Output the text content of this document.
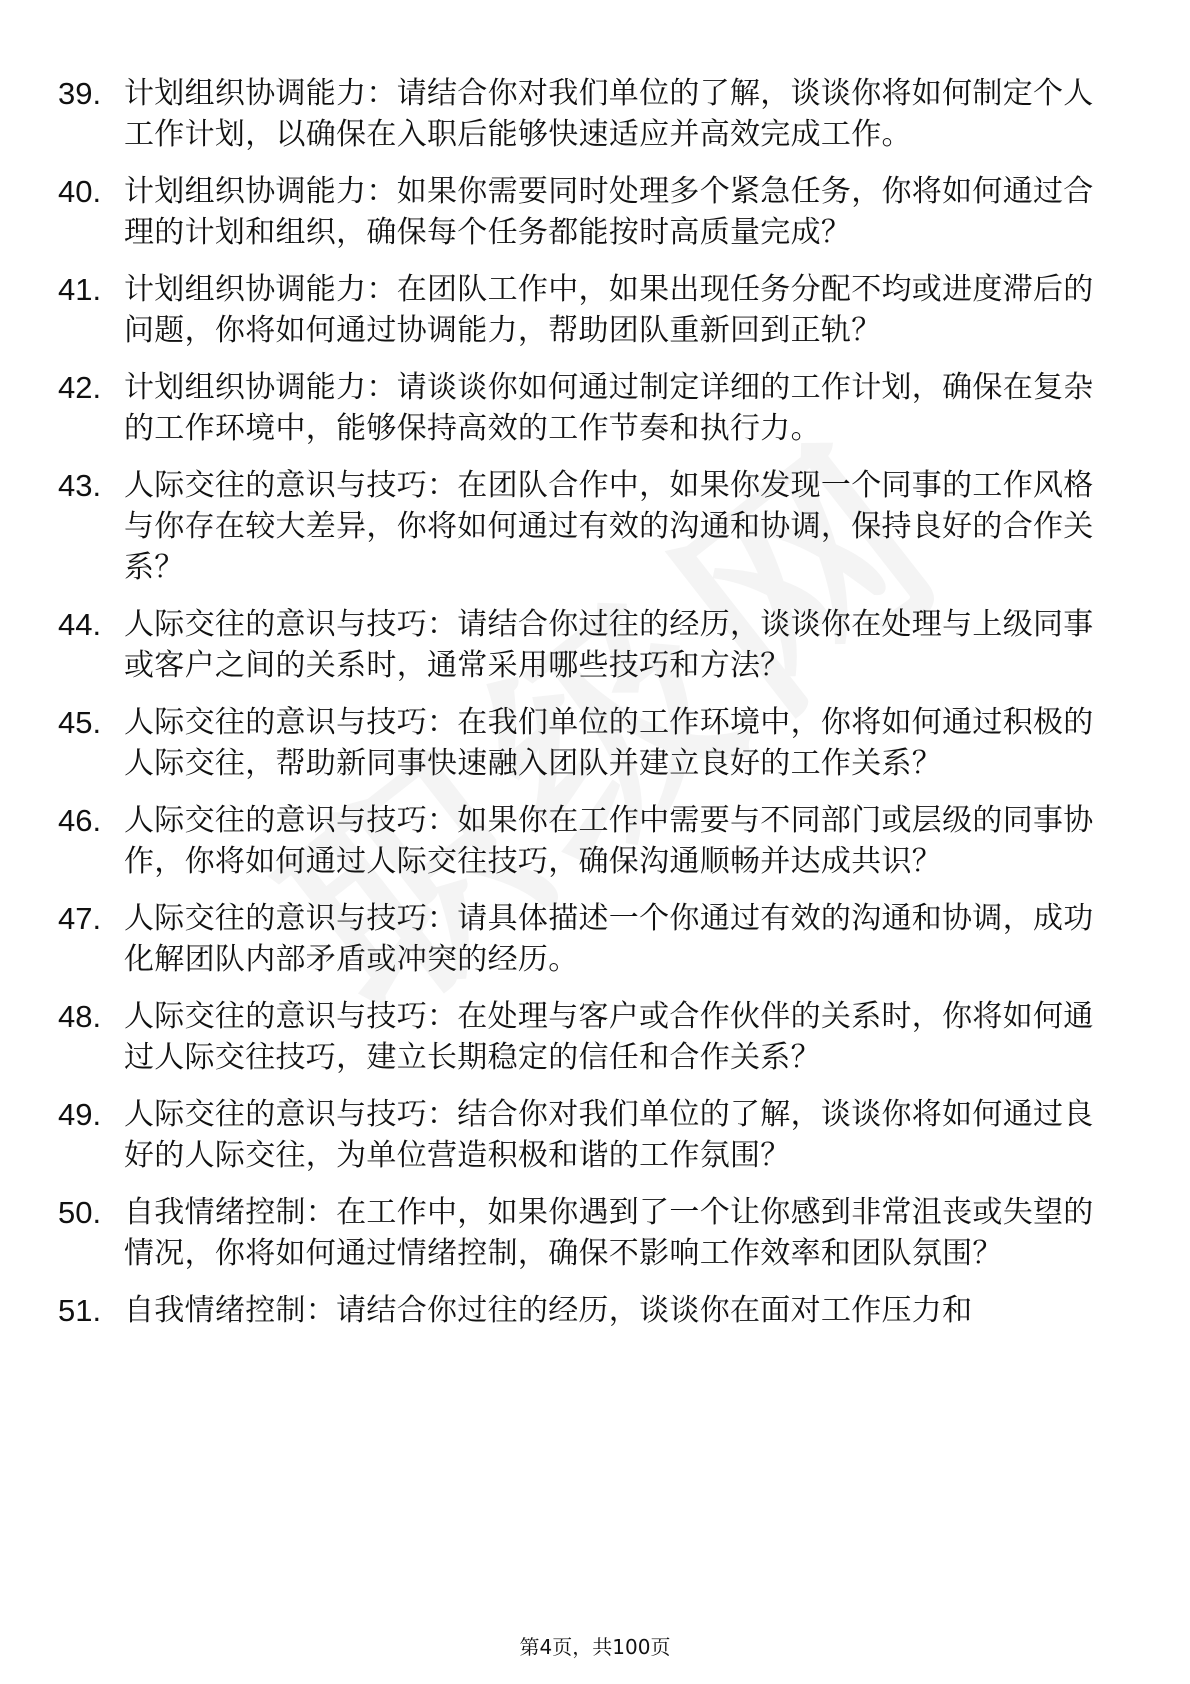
39. 计划组织协调能力：请结合你对我们单位的了解，谈谈你将如何制定个人工作计划，以确保在入职后能够快速适应并高效完成工作。
40. 计划组织协调能力：如果你需要同时处理多个紧急任务，你将如何通过合理的计划和组织，确保每个任务都能按时高质量完成？
41. 计划组织协调能力：在团队工作中，如果出现任务分配不均或进度滞后的问题，你将如何通过协调能力，帮助团队重新回到正轨？
42. 计划组织协调能力：请谈谈你如何通过制定详细的工作计划，确保在复杂的工作环境中，能够保持高效的工作节奏和执行力。
43. 人际交往的意识与技巧：在团队合作中，如果你发现一个同事的工作风格与你存在较大差异，你将如何通过有效的沟通和协调，保持良好的合作关系？
44. 人际交往的意识与技巧：请结合你过往的经历，谈谈你在处理与上级同事或客户之间的关系时，通常采用哪些技巧和方法？
45. 人际交往的意识与技巧：在我们单位的工作环境中，你将如何通过积极的人际交往，帮助新同事快速融入团队并建立良好的工作关系？
46. 人际交往的意识与技巧：如果你在工作中需要与不同部门或层级的同事协作，你将如何通过人际交往技巧，确保沟通顺畅并达成共识？
47. 人际交往的意识与技巧：请具体描述一个你通过有效的沟通和协调，成功化解团队内部矛盾或冲突的经历。
48. 人际交往的意识与技巧：在处理与客户或合作伙伴的关系时，你将如何通过人际交往技巧，建立长期稳定的信任和合作关系？
49. 人际交往的意识与技巧：结合你对我们单位的了解，谈谈你将如何通过良好的人际交往，为单位营造积极和谐的工作氛围？
50. 自我情绪控制：在工作中，如果你遇到了一个让你感到非常沮丧或失望的情况，你将如何通过情绪控制，确保不影响工作效率和团队氛围？
51. 自我情绪控制：请结合你过往的经历，谈谈你在面对工作压力和
第4页，共100页
